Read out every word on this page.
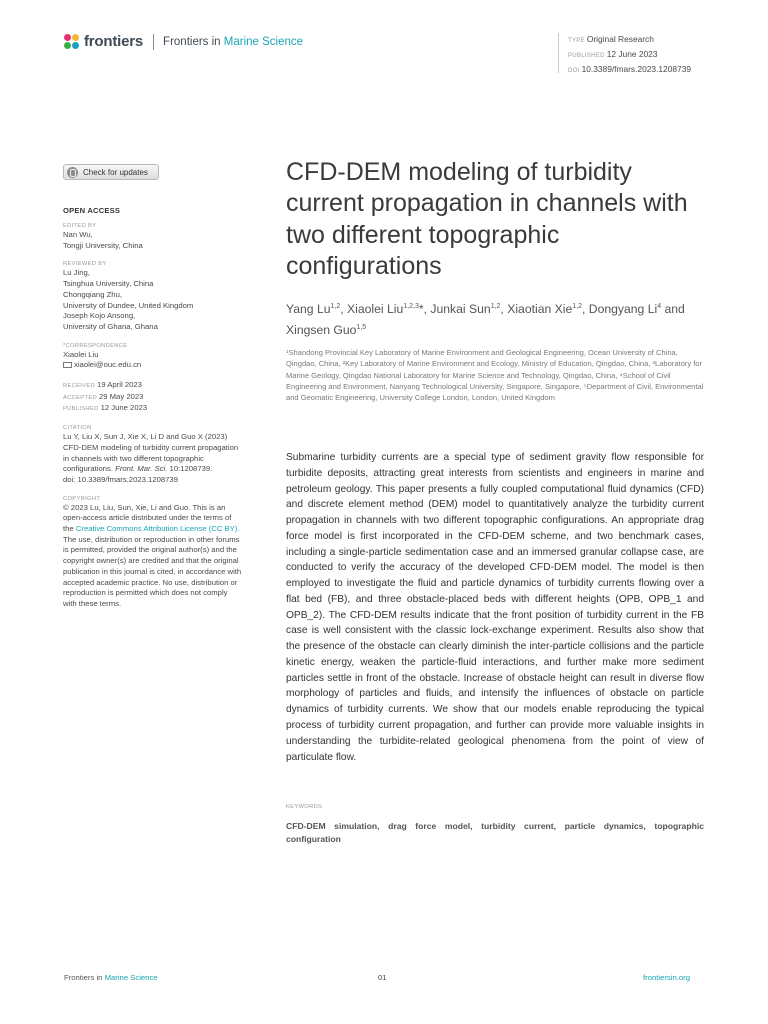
frontiers Frontiers in Marine Science	TYPE Original Research
PUBLISHED 12 June 2023
DOI 10.3389/fmars.2023.1208739
Check for updates
OPEN ACCESS
EDITED BY
Nan Wu,
Tongji University, China
REVIEWED BY
Lu Jing,
Tsinghua University, China
Chongqiang Zhu,
University of Dundee, United Kingdom
Joseph Kojo Ansong,
University of Ghana, Ghana
*CORRESPONDENCE
Xiaolei Liu
xiaolei@ouc.edu.cn
RECEIVED 19 April 2023
ACCEPTED 29 May 2023
PUBLISHED 12 June 2023
CITATION
Lu Y, Liu X, Sun J, Xie X, Li D and Guo X (2023) CFD-DEM modeling of turbidity current propagation in channels with two different topographic configurations. Front. Mar. Sci. 10:1208739.
doi: 10.3389/fmars.2023.1208739
COPYRIGHT
© 2023 Lu, Liu, Sun, Xie, Li and Guo. This is an open-access article distributed under the terms of the Creative Commons Attribution License (CC BY). The use, distribution or reproduction in other forums is permitted, provided the original author(s) and the copyright owner(s) are credited and that the original publication in this journal is cited, in accordance with accepted academic practice. No use, distribution or reproduction is permitted which does not comply with these terms.
CFD-DEM modeling of turbidity current propagation in channels with two different topographic configurations
Yang Lu$^{1,2}$, Xiaolei Liu$^{1,2,3}$*, Junkai Sun$^{1,2}$, Xiaotian Xie$^{1,2}$, Dongyang Li$^4$ and Xingsen Guo$^{1,5}$
¹Shandong Provincial Key Laboratory of Marine Environment and Geological Engineering, Ocean University of China, Qingdao, China, ²Key Laboratory of Marine Environment and Ecology, Ministry of Education, Qingdao, China, ³Laboratory for Marine Geology, Qingdao National Laboratory for Marine Science and Technology, Qingdao, China, ⁴School of Civil Engineering and Environment, Nanyang Technological University, Singapore, Singapore, ⁵Department of Civil, Environmental and Geomatic Engineering, University College London, London, United Kingdom
Submarine turbidity currents are a special type of sediment gravity flow responsible for turbidite deposits, attracting great interests from scientists and engineers in marine and petroleum geology. This paper presents a fully coupled computational fluid dynamics (CFD) and discrete element method (DEM) model to quantitatively analyze the turbidity current propagation in channels with two different topographic configurations. An appropriate drag force model is first incorporated in the CFD-DEM scheme, and two benchmark cases, including a single-particle sedimentation case and an immersed granular collapse case, are conducted to verify the accuracy of the developed CFD-DEM model. The model is then employed to investigate the fluid and particle dynamics of turbidity currents flowing over a flat bed (FB), and three obstacle-placed beds with different heights (OPB, OPB_1 and OPB_2). The CFD-DEM results indicate that the front position of turbidity current in the FB case is well consistent with the classic lock-exchange experiment. Results also show that the presence of the obstacle can clearly diminish the inter-particle collisions and the particle kinetic energy, weaken the particle-fluid interactions, and further make more sediment particles settle in front of the obstacle. Increase of obstacle height can result in diverse flow morphology of particles and fluids, and intensify the influences of obstacle on particle dynamics of turbidity currents. We show that our models enable reproducing the typical process of turbidity current propagation, and further can provide more valuable insights in understanding the turbidite-related geological phenomena from the point of view of particulate flow.
KEYWORDS
CFD-DEM simulation, drag force model, turbidity current, particle dynamics, topographic configuration
Frontiers in Marine Science	01	frontiersin.org
